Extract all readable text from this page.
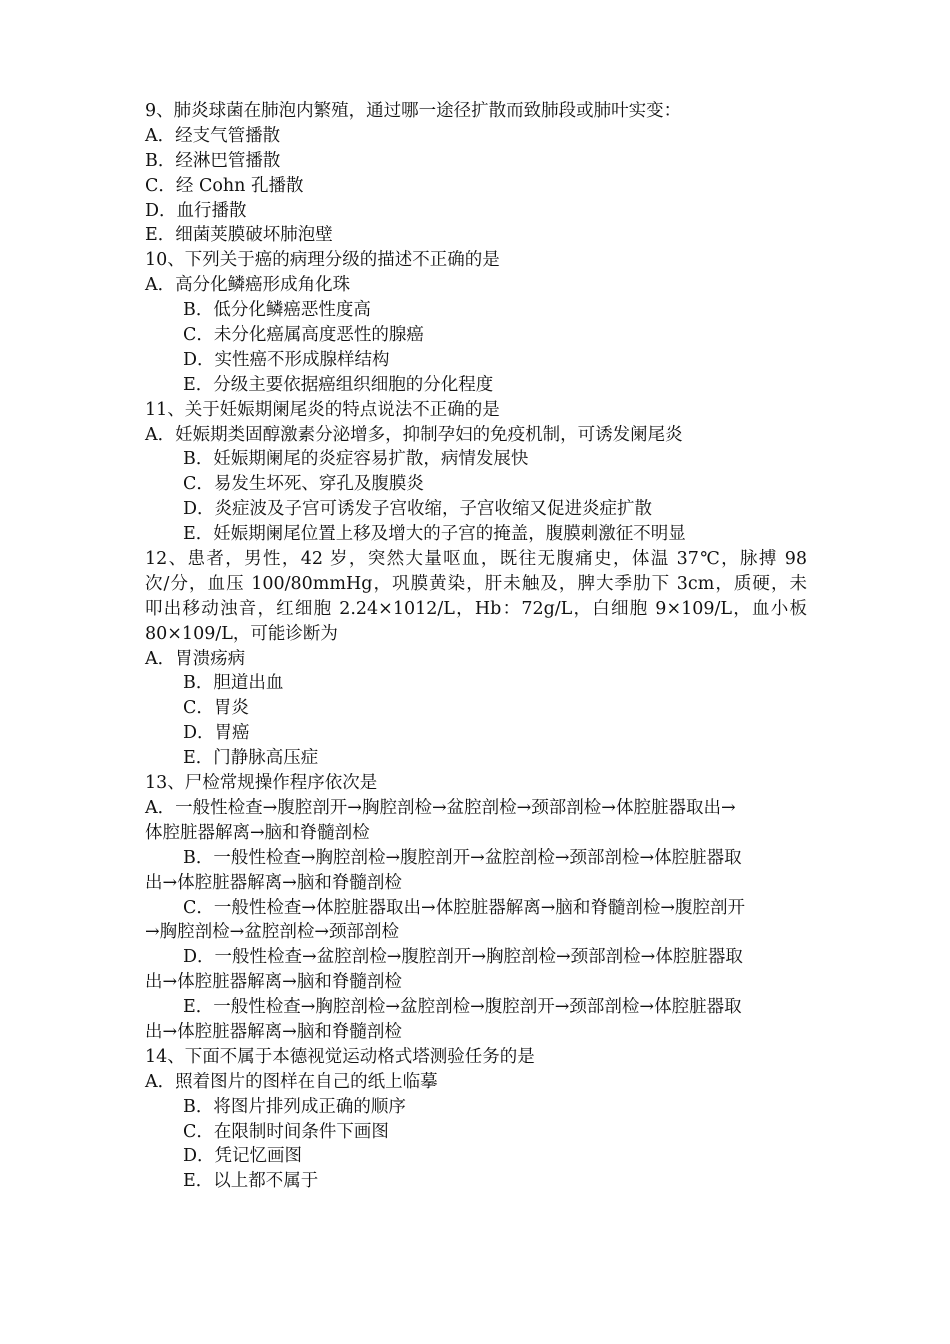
9、肺炎球菌在肺泡内繁殖，通过哪一途径扩散而致肺段或肺叶实变：
A．经支气管播散
B．经淋巴管播散
C．经 Cohn 孔播散
D．血行播散
E．细菌荚膜破坏肺泡壁
10、下列关于癌的病理分级的描述不正确的是
A．高分化鳞癌形成角化珠
B．低分化鳞癌恶性度高
C．未分化癌属高度恶性的腺癌
D．实性癌不形成腺样结构
E．分级主要依据癌组织细胞的分化程度
11、关于妊娠期阑尾炎的特点说法不正确的是
A．妊娠期类固醇激素分泌增多，抑制孕妇的免疫机制，可诱发阑尾炎
B．妊娠期阑尾的炎症容易扩散，病情发展快
C．易发生坏死、穿孔及腹膜炎
D．炎症波及子宫可诱发子宫收缩，子宫收缩又促进炎症扩散
E．妊娠期阑尾位置上移及增大的子宫的掩盖，腹膜刺激征不明显
12、患者，男性，42 岁，突然大量呕血，既往无腹痛史，体温 37℃，脉搏 98
次/分，血压 100/80mmHg，巩膜黄染，肝未触及，脾大季肋下 3cm，质硬，未
叩出移动浊音，红细胞 2.24×1012/L，Hb：72g/L，白细胞 9×109/L，血小板
80×109/L，可能诊断为
A．胃溃疡病
B．胆道出血
C．胃炎
D．胃癌
E．门静脉高压症
13、尸检常规操作程序依次是
A．一般性检查→腹腔剖开→胸腔剖检→盆腔剖检→颈部剖检→体腔脏器取出→
体腔脏器解离→脑和脊髓剖检
B．一般性检查→胸腔剖检→腹腔剖开→盆腔剖检→颈部剖检→体腔脏器取
出→体腔脏器解离→脑和脊髓剖检
C．一般性检查→体腔脏器取出→体腔脏器解离→脑和脊髓剖检→腹腔剖开
→胸腔剖检→盆腔剖检→颈部剖检
D．一般性检查→盆腔剖检→腹腔剖开→胸腔剖检→颈部剖检→体腔脏器取
出→体腔脏器解离→脑和脊髓剖检
E．一般性检查→胸腔剖检→盆腔剖检→腹腔剖开→颈部剖检→体腔脏器取
出→体腔脏器解离→脑和脊髓剖检
14、下面不属于本德视觉运动格式塔测验任务的是
A．照着图片的图样在自己的纸上临摹
B．将图片排列成正确的顺序
C．在限制时间条件下画图
D．凭记忆画图
E．以上都不属于
